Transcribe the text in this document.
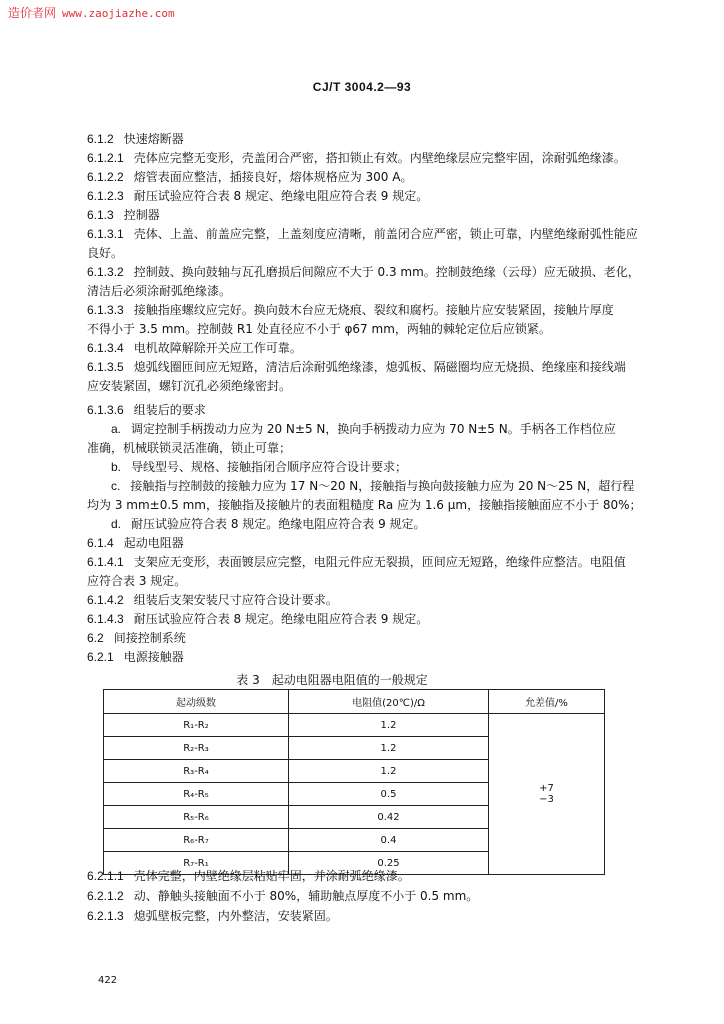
造价者网 www.zaojiazhe.com
CJ/T 3004.2—93
6.1.2 快速熔断器
6.1.2.1 壳体应完整无变形，壳盖闭合严密，搭扣锁止有效。内壁绝缘层应完整牢固，涂耐弧绝缘漆。
6.1.2.2 熔管表面应整洁，插接良好，熔体规格应为 300 A。
6.1.2.3 耐压试验应符合表 8 规定、绝缘电阻应符合表 9 规定。
6.1.3 控制器
6.1.3.1 壳体、上盖、前盖应完整，上盖刻度应清晰，前盖闭合应严密，锁止可靠，内壁绝缘耐弧性能应
良好。
6.1.3.2 控制鼓、换向鼓轴与瓦孔磨损后间隙应不大于 0.3 mm。控制鼓绝缘（云母）应无破损、老化，
清洁后必须涂耐弧绝缘漆。
6.1.3.3 接触指座螺纹应完好。换向鼓木台应无烧痕、裂纹和腐朽。接触片应安装紧固，接触片厚度
不得小于 3.5 mm。控制鼓 R1 处直径应不小于 φ67 mm，两轴的棘轮定位后应锁紧。
6.1.3.4 电机故障解除开关应工作可靠。
6.1.3.5 熄弧线圈匝间应无短路，清洁后涂耐弧绝缘漆，熄弧板、隔磁圈均应无烧损、绝缘座和接线端
应安装紧固，螺钉沉孔必须绝缘密封。
6.1.3.6 组装后的要求
a. 调定控制手柄拨动力应为 20 N±5 N，换向手柄拨动力应为 70 N±5 N。手柄各工作档位应
准确，机械联锁灵活准确，锁止可靠；
b. 导线型号、规格、接触指闭合顺序应符合设计要求；
c. 接触指与控制鼓的接触力应为 17 N～20 N，接触指与换向鼓接触力应为 20 N～25 N，超行程
均为 3 mm±0.5 mm，接触指及接触片的表面粗糙度 Ra 应为 1.6 μm，接触指接触面应不小于 80%；
d. 耐压试验应符合表 8 规定。绝缘电阻应符合表 9 规定。
6.1.4 起动电阻器
6.1.4.1 支架应无变形，表面镀层应完整，电阻元件应无裂损，匝间应无短路，绝缘件应整洁。电阻值
应符合表 3 规定。
6.1.4.2 组装后支架安装尺寸应符合设计要求。
6.1.4.3 耐压试验应符合表 8 规定。绝缘电阻应符合表 9 规定。
6.2 间接控制系统
6.2.1 电源接触器
表 3　起动电阻器电阻值的一般规定
起动级数	电阻值(20℃)/Ω	允差值/%
R₁-R₂	1.2	+7
−3

R₂-R₃	1.2	
R₃-R₄	1.2	
R₄-R₅	0.5	
R₅-R₆	0.42	
R₆-R₇	0.4	
R₇-R₁	0.25	
6.2.1.1 壳体完整，内壁绝缘层粘贴牢固，并涂耐弧绝缘漆。
6.2.1.2 动、静触头接触面不小于 80%，辅助触点厚度不小于 0.5 mm。
6.2.1.3 熄弧壁板完整，内外整洁，安装紧固。
422
